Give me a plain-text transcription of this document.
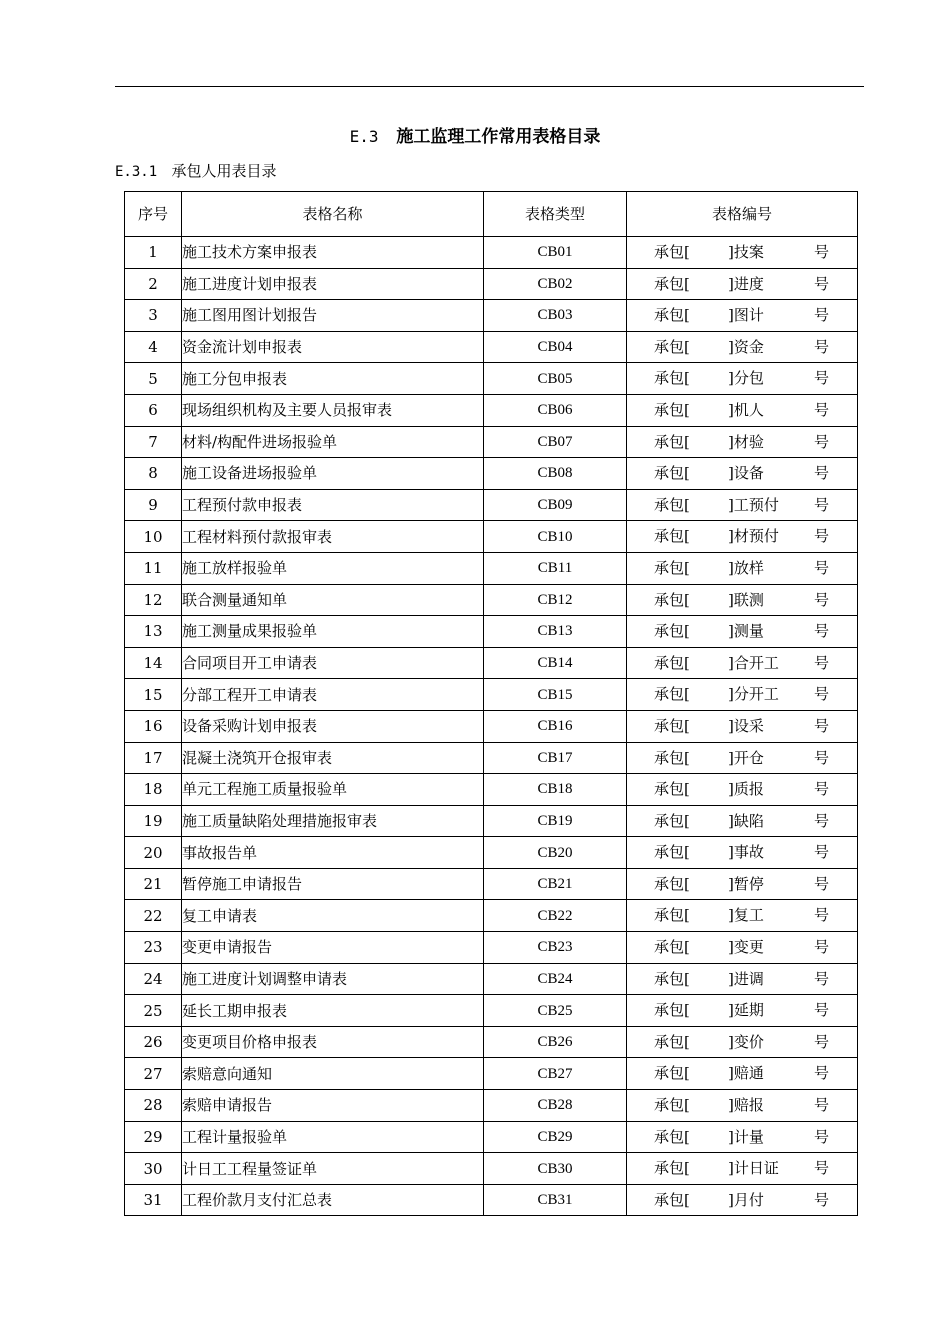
E.3 施工监理工作常用表格目录
E.3.1 承包人用表目录
序号	表格名称	表格类型	表格编号
1	施工技术方案申报表	CB01	承包[ ]技案 号

2	施工进度计划申报表	CB02	承包[ ]进度 号

3	施工图用图计划报告	CB03	承包[ ]图计 号

4	资金流计划申报表	CB04	承包[ ]资金 号

5	施工分包申报表	CB05	承包[ ]分包 号

6	现场组织机构及主要人员报审表	CB06	承包[ ]机人 号

7	材料/构配件进场报验单	CB07	承包[ ]材验 号

8	施工设备进场报验单	CB08	承包[ ]设备 号

9	工程预付款申报表	CB09	承包[ ]工预付 号

10	工程材料预付款报审表	CB10	承包[ ]材预付 号

11	施工放样报验单	CB11	承包[ ]放样 号

12	联合测量通知单	CB12	承包[ ]联测 号

13	施工测量成果报验单	CB13	承包[ ]测量 号

14	合同项目开工申请表	CB14	承包[ ]合开工 号

15	分部工程开工申请表	CB15	承包[ ]分开工 号

16	设备采购计划申报表	CB16	承包[ ]设采 号

17	混凝土浇筑开仓报审表	CB17	承包[ ]开仓 号

18	单元工程施工质量报验单	CB18	承包[ ]质报 号

19	施工质量缺陷处理措施报审表	CB19	承包[ ]缺陷 号

20	事故报告单	CB20	承包[ ]事故 号

21	暂停施工申请报告	CB21	承包[ ]暂停 号

22	复工申请表	CB22	承包[ ]复工 号

23	变更申请报告	CB23	承包[ ]变更 号

24	施工进度计划调整申请表	CB24	承包[ ]进调 号

25	延长工期申报表	CB25	承包[ ]延期 号

26	变更项目价格申报表	CB26	承包[ ]变价 号

27	索赔意向通知	CB27	承包[ ]赔通 号

28	索赔申请报告	CB28	承包[ ]赔报 号

29	工程计量报验单	CB29	承包[ ]计量 号

30	计日工工程量签证单	CB30	承包[ ]计日证 号

31	工程价款月支付汇总表	CB31	承包[ ]月付 号
